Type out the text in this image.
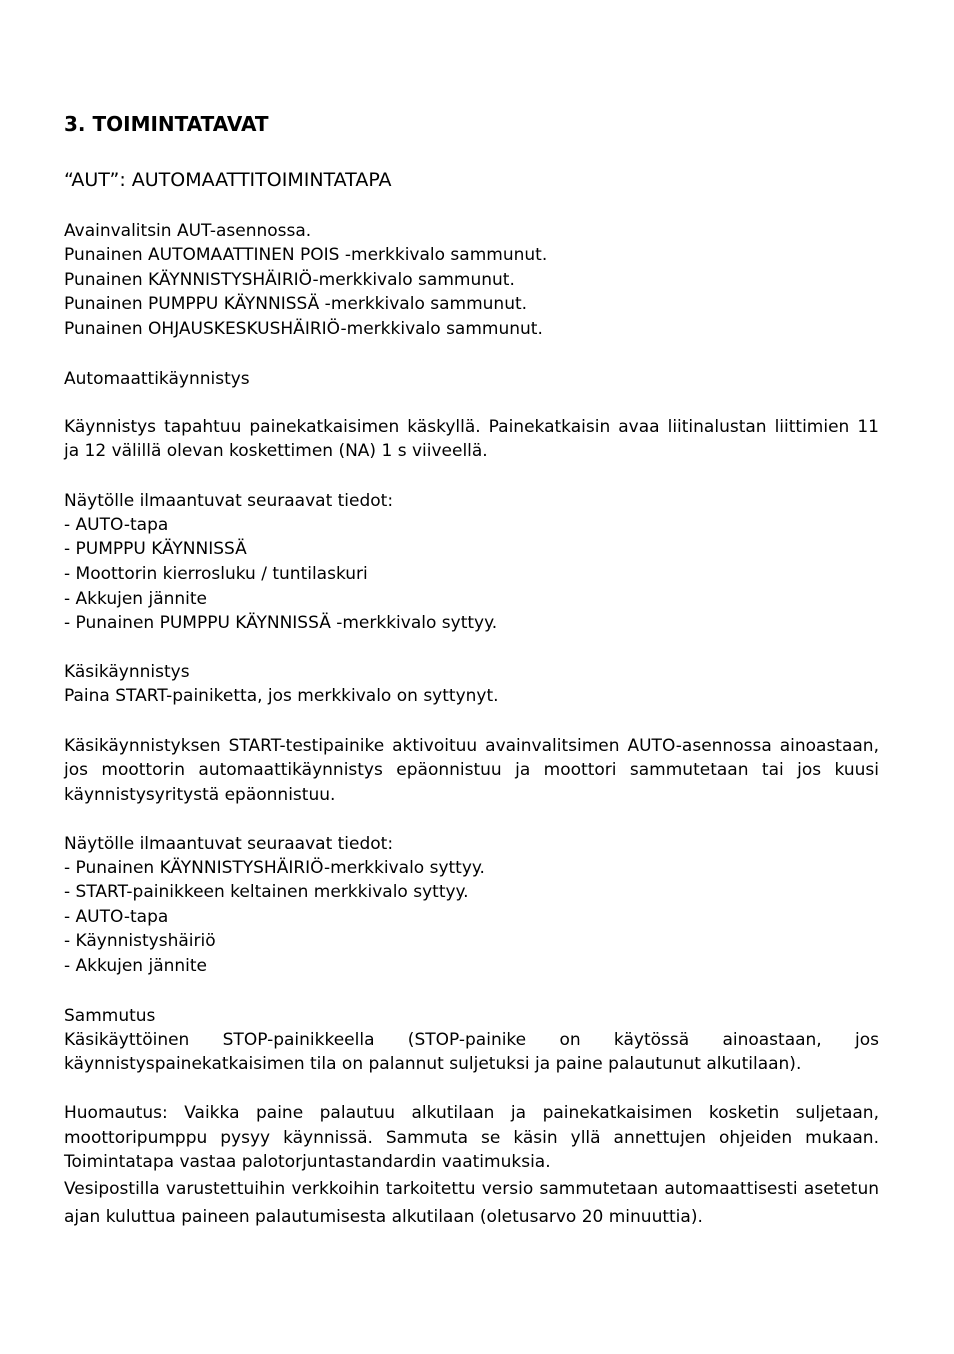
3. TOIMINTATAVAT
“AUT”: AUTOMAATTITOIMINTATAPA
Avainvalitsin AUT-asennossa.
Punainen AUTOMAATTINEN POIS -merkkivalo sammunut.
Punainen KÄYNNISTYSHÄIRIÖ-merkkivalo sammunut.
Punainen PUMPPU KÄYNNISSÄ -merkkivalo sammunut.
Punainen OHJAUSKESKUSHÄIRIÖ-merkkivalo sammunut.
Automaattikäynnistys
Käynnistys tapahtuu painekatkaisimen käskyllä. Painekatkaisin avaa liitinalustan liittimien 11
ja 12 välillä olevan koskettimen (NA) 1 s viiveellä.
Näytölle ilmaantuvat seuraavat tiedot:
- AUTO-tapa
- PUMPPU KÄYNNISSÄ
- Moottorin kierrosluku / tuntilaskuri
- Akkujen jännite
- Punainen PUMPPU KÄYNNISSÄ -merkkivalo syttyy.
Käsikäynnistys
Paina START-painiketta, jos merkkivalo on syttynyt.
Käsikäynnistyksen START-testipainike aktivoituu avainvalitsimen AUTO-asennossa ainoastaan,
jos moottorin automaattikäynnistys epäonnistuu ja moottori sammutetaan tai jos kuusi
käynnistysyritystä epäonnistuu.
Näytölle ilmaantuvat seuraavat tiedot:
- Punainen KÄYNNISTYSHÄIRIÖ-merkkivalo syttyy.
- START-painikkeen keltainen merkkivalo syttyy.
- AUTO-tapa
- Käynnistyshäiriö
- Akkujen jännite
Sammutus
Käsikäyttöinen STOP-painikkeella (STOP-painike on käytössä ainoastaan, jos
käynnistyspainekatkaisimen tila on palannut suljetuksi ja paine palautunut alkutilaan).
Huomautus: Vaikka paine palautuu alkutilaan ja painekatkaisimen kosketin suljetaan,
moottoripumppu pysyy käynnissä. Sammuta se käsin yllä annettujen ohjeiden mukaan.
Toimintatapa vastaa palotorjuntastandardin vaatimuksia.
Vesipostilla varustettuihin verkkoihin tarkoitettu versio sammutetaan automaattisesti asetetun
ajan kuluttua paineen palautumisesta alkutilaan (oletusarvo 20 minuuttia).
